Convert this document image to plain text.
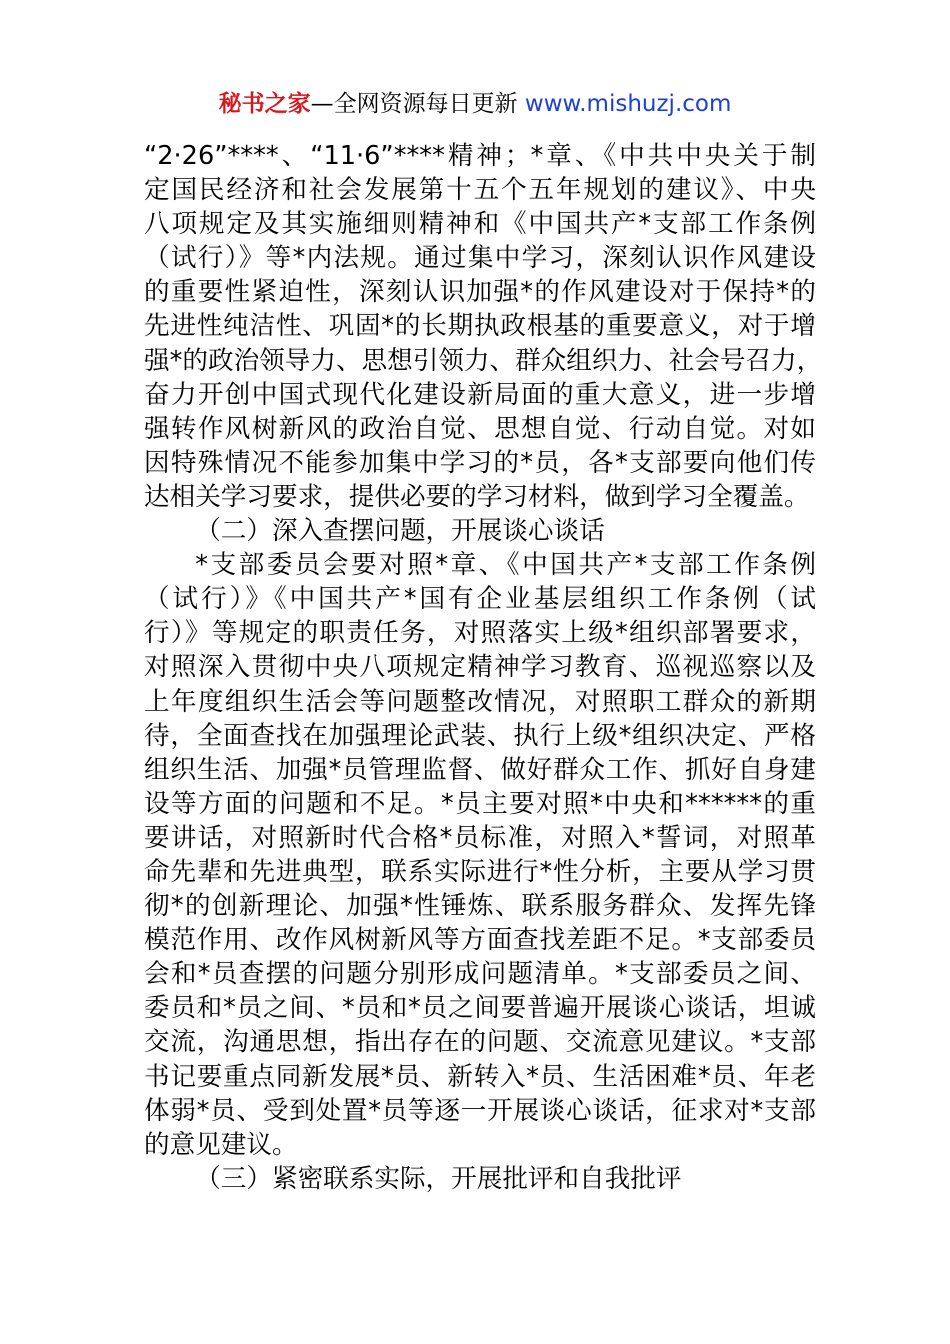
秘书之家—全网资源每日更新 www.mishuzj.com
“2·26”****、“11·6”****精神；*章、《中共中央关于制
定国民经济和社会发展第十五个五年规划的建议》、中央
八项规定及其实施细则精神和《中国共产*支部工作条例
（试行）》等*内法规。通过集中学习，深刻认识作风建设
的重要性紧迫性，深刻认识加强*的作风建设对于保持*的
先进性纯洁性、巩固*的长期执政根基的重要意义，对于增
强*的政治领导力、思想引领力、群众组织力、社会号召力，
奋力开创中国式现代化建设新局面的重大意义，进一步增
强转作风树新风的政治自觉、思想自觉、行动自觉。对如
因特殊情况不能参加集中学习的*员，各*支部要向他们传
达相关学习要求，提供必要的学习材料，做到学习全覆盖。
（二）深入查摆问题，开展谈心谈话
*支部委员会要对照*章、《中国共产*支部工作条例
（试行）》《中国共产*国有企业基层组织工作条例（试
行）》等规定的职责任务，对照落实上级*组织部署要求，
对照深入贯彻中央八项规定精神学习教育、巡视巡察以及
上年度组织生活会等问题整改情况，对照职工群众的新期
待，全面查找在加强理论武装、执行上级*组织决定、严格
组织生活、加强*员管理监督、做好群众工作、抓好自身建
设等方面的问题和不足。*员主要对照*中央和******的重
要讲话，对照新时代合格*员标准，对照入*誓词，对照革
命先辈和先进典型，联系实际进行*性分析，主要从学习贯
彻*的创新理论、加强*性锤炼、联系服务群众、发挥先锋
模范作用、改作风树新风等方面查找差距不足。*支部委员
会和*员查摆的问题分别形成问题清单。*支部委员之间、
委员和*员之间、*员和*员之间要普遍开展谈心谈话，坦诚
交流，沟通思想，指出存在的问题、交流意见建议。*支部
书记要重点同新发展*员、新转入*员、生活困难*员、年老
体弱*员、受到处置*员等逐一开展谈心谈话，征求对*支部
的意见建议。
（三）紧密联系实际，开展批评和自我批评
